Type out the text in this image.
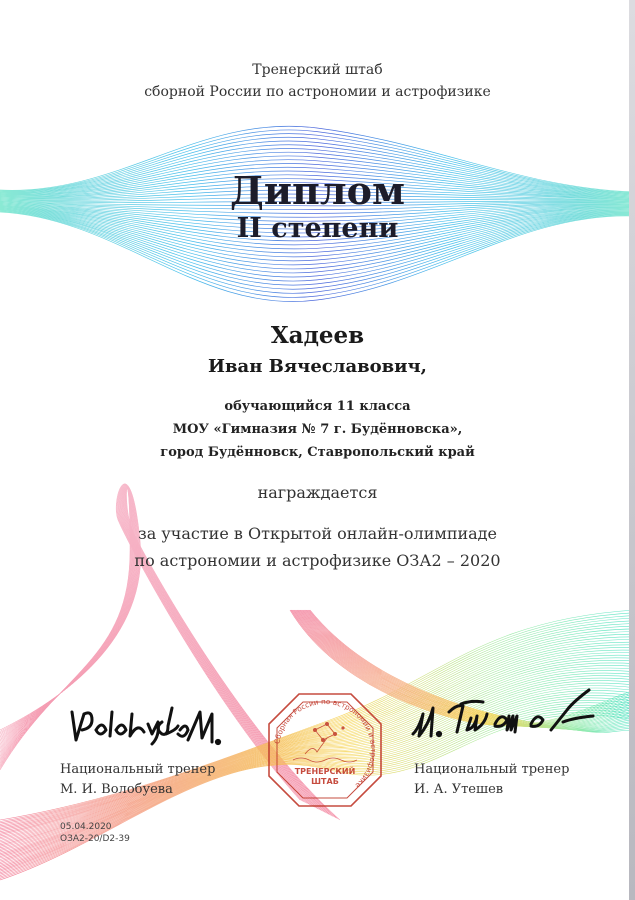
Тренерский штаб
сборной России по астрономии и астрофизике
Диплом
II степени
Хадеев
Иван Вячеславович,
обучающийся 11 класса
МОУ «Гимназия № 7 г. Будённовска»,
город Будённовск, Ставропольский край
награждается
за участие в Открытой онлайн-олимпиаде
по астрономии и астрофизике ОЗА2 – 2020
Сборная России по астрономии и астрофизике
ТРЕНЕРСКИЙ
ШТАБ
Национальный тренер
М. И. Волобуева
Национальный тренер
И. А. Утешев
05.04.2020
ОЗА2-20/D2-39
